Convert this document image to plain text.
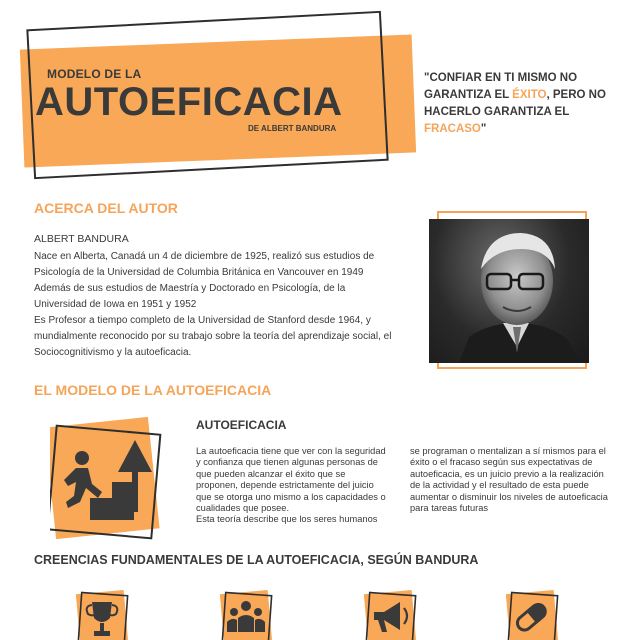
MODELO DE LA
AUTOEFICACIA
DE ALBERT BANDURA
"CONFIAR EN TI MISMO NO GARANTIZA EL ÉXITO, PERO NO HACERLO GARANTIZA EL FRACASO"
ACERCA DEL AUTOR
ALBERT BANDURA

Nace en Alberta, Canadá un 4 de diciembre de 1925, realizó sus estudios de Psicología de la Universidad de Columbia Británica en Vancouver en 1949

Además de sus estudios de Maestría y Doctorado en Psicología, de la Universidad de Iowa en 1951 y 1952

Es Profesor a tiempo completo de la Universidad de Stanford desde 1964, y mundialmente reconocido por su trabajo sobre la teoría del aprendizaje social, el Sociocognitivismo y la autoeficacia.

EL MODELO DE LA AUTOEFICACIA
AUTOEFICACIA

La autoeficacia tiene que ver con la seguridad y confianza que tienen algunas personas de que pueden alcanzar el éxito que se proponen, depende estrictamente del juicio que se otorga uno mismo a los capacidades o cualidades que posee.

Esta teoría describe que los seres humanos

se programan o mentalizan a sí mismos para el éxito o el fracaso según sus expectativas de autoeficacia, es un juicio previo a la realización de la actividad y el resultado de esta puede aumentar o disminuir los niveles de autoeficacia para tareas futuras

CREENCIAS FUNDAMENTALES DE LA AUTOEFICACIA, SEGÚN BANDURA
